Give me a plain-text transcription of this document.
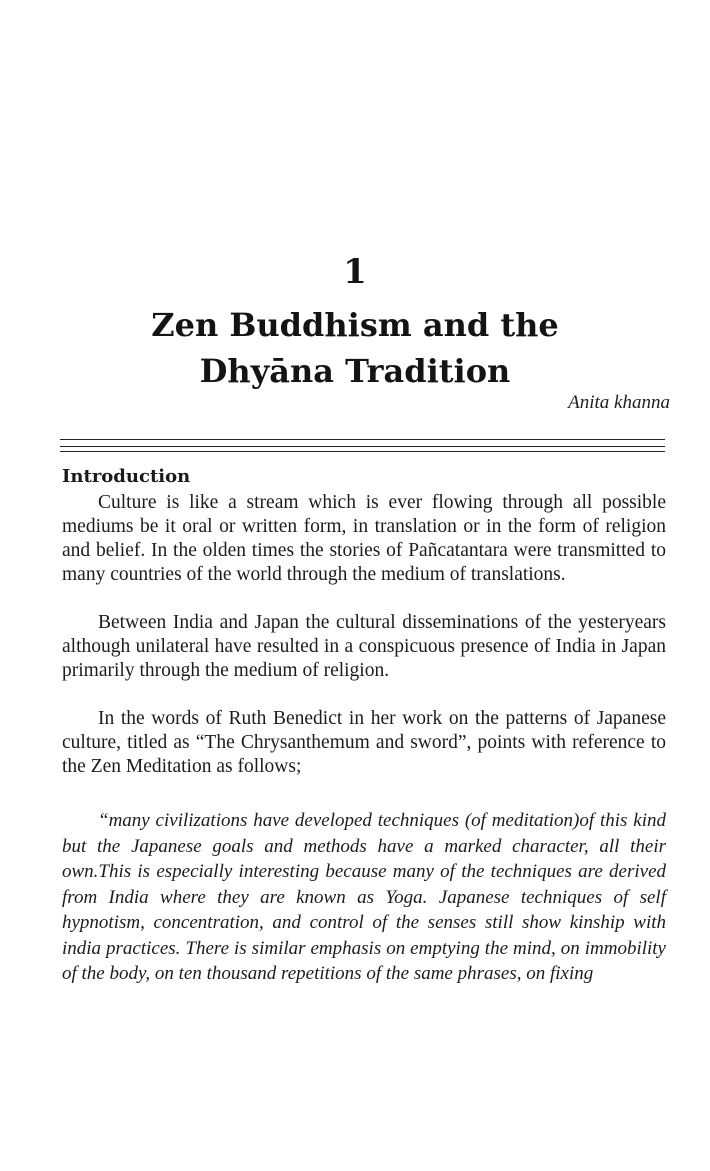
1
Zen Buddhism and the
Dhyāna Tradition
Anita khanna
Introduction

Culture is like a stream which is ever flowing through all possible mediums be it oral or written form, in translation or in the form of religion and belief. In the olden times the stories of Pañcatantara were transmitted to many countries of the world through the medium of translations.

Between India and Japan the cultural disseminations of the yesteryears although unilateral have resulted in a conspicuous presence of India in Japan primarily through the medium of religion.

In the words of Ruth Benedict in her work on the patterns of Japanese culture, titled as “The Chrysanthemum and sword”, points with reference to the Zen Meditation as follows;

“many civilizations have developed techniques (of meditation)of this kind but the Japanese goals and methods have a marked character, all their own.This is especially interesting because many of the techniques are derived from India where they are known as Yoga. Japanese techniques of self hypnotism, concentration, and control of the senses still show kinship with india practices. There is similar emphasis on emptying the mind, on immobility of the body, on ten thousand repetitions of the same phrases, on fixing
